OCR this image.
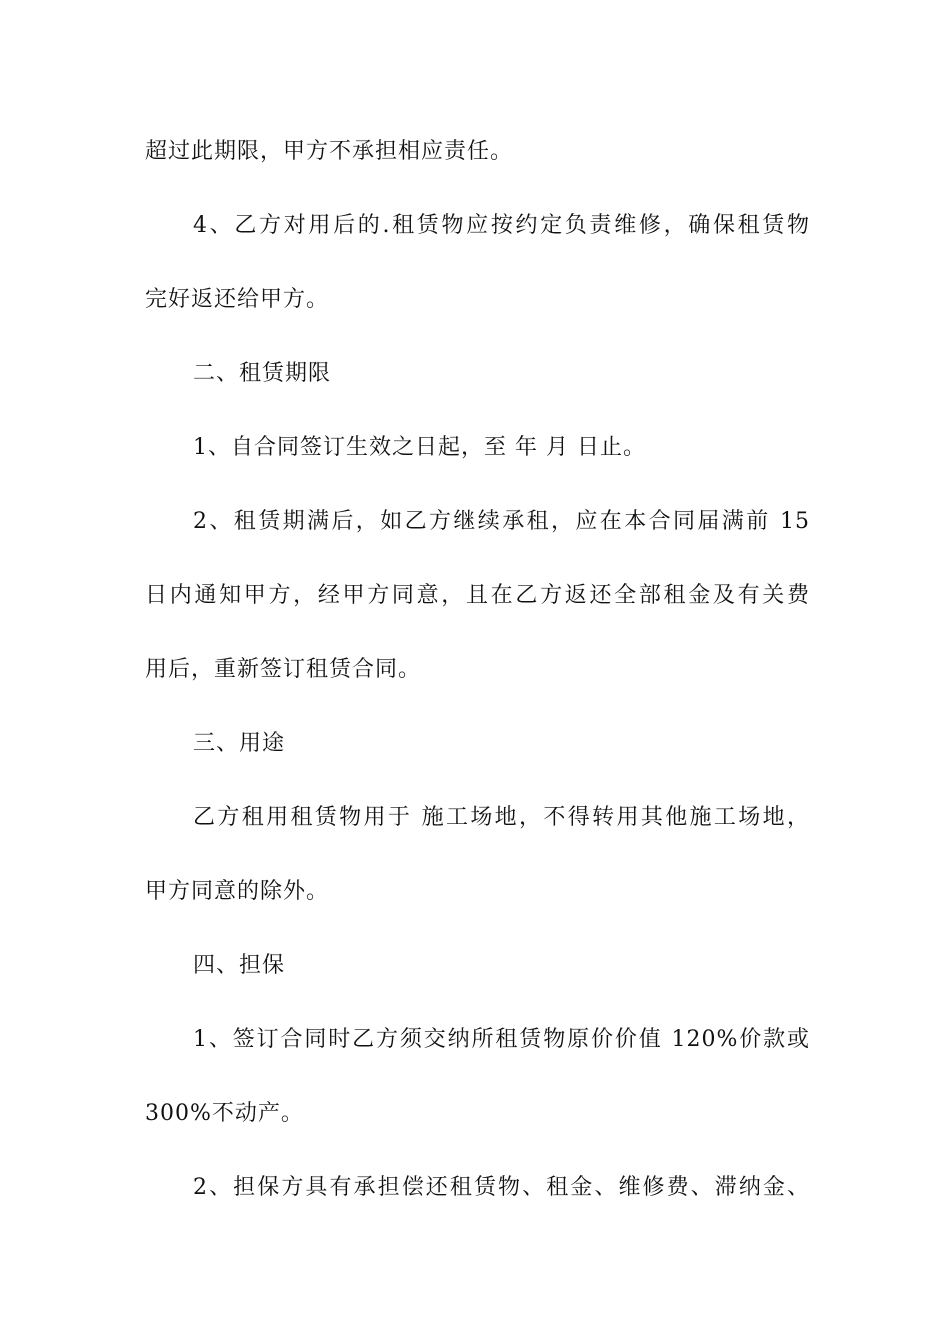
超过此期限，甲方不承担相应责任。
4、乙方对用后的.租赁物应按约定负责维修，确保租赁物
完好返还给甲方。
二、租赁期限
1、自合同签订生效之日起，至 年 月 日止。
2、租赁期满后，如乙方继续承租，应在本合同届满前 15
日内通知甲方，经甲方同意，且在乙方返还全部租金及有关费
用后，重新签订租赁合同。
三、用途
乙方租用租赁物用于 施工场地，不得转用其他施工场地，
甲方同意的除外。
四、担保
1、签订合同时乙方须交纳所租赁物原价价值 120%价款或
300%不动产。
2、担保方具有承担偿还租赁物、租金、维修费、滞纳金、
